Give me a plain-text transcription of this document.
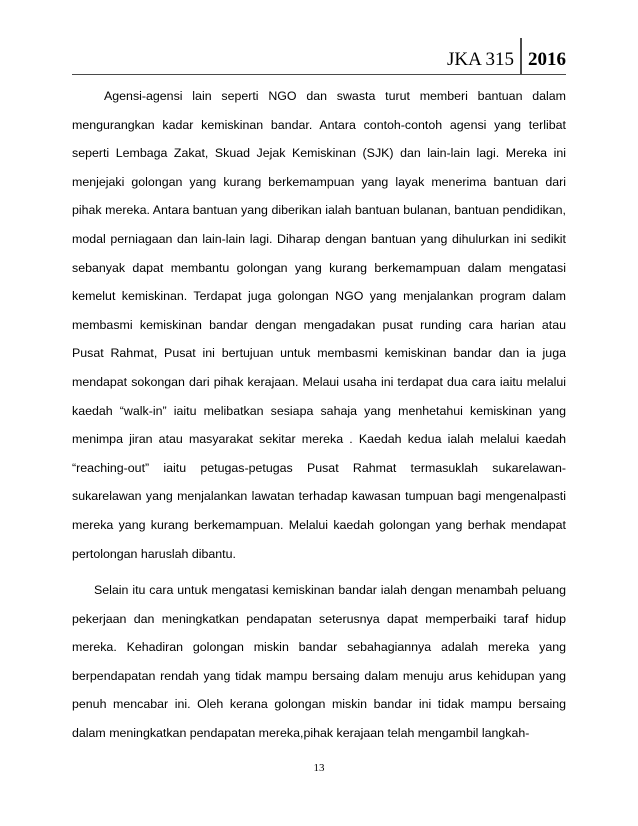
JKA 315 2016

Agensi-agensi lain seperti NGO dan swasta turut memberi bantuan dalam mengurangkan kadar kemiskinan bandar. Antara contoh-contoh agensi yang terlibat seperti Lembaga Zakat, Skuad Jejak Kemiskinan (SJK) dan lain-lain lagi. Mereka ini menjejaki golongan yang kurang berkemampuan yang layak menerima bantuan dari pihak mereka. Antara bantuan yang diberikan ialah bantuan bulanan, bantuan pendidikan, modal perniagaan dan lain-lain lagi. Diharap dengan bantuan yang dihulurkan ini sedikit sebanyak dapat membantu golongan yang kurang berkemampuan dalam mengatasi kemelut kemiskinan. Terdapat juga golongan NGO yang menjalankan program dalam membasmi kemiskinan bandar dengan mengadakan pusat runding cara harian atau Pusat Rahmat, Pusat ini bertujuan untuk membasmi kemiskinan bandar dan ia juga mendapat sokongan dari pihak kerajaan. Melaui usaha ini terdapat dua cara iaitu melalui kaedah “walk-in” iaitu melibatkan sesiapa sahaja yang menhetahui kemiskinan yang menimpa jiran atau masyarakat sekitar mereka . Kaedah kedua ialah melalui kaedah “reaching-out” iaitu petugas-petugas Pusat Rahmat termasuklah sukarelawan-sukarelawan yang menjalankan lawatan terhadap kawasan tumpuan bagi mengenalpasti mereka yang kurang berkemampuan. Melalui kaedah golongan yang berhak mendapat pertolongan haruslah dibantu.

Selain itu cara untuk mengatasi kemiskinan bandar ialah dengan menambah peluang pekerjaan dan meningkatkan pendapatan seterusnya dapat memperbaiki taraf hidup mereka. Kehadiran golongan miskin bandar sebahagiannya adalah mereka yang berpendapatan rendah yang tidak mampu bersaing dalam menuju arus kehidupan yang penuh mencabar ini. Oleh kerana golongan miskin bandar ini tidak mampu bersaing dalam meningkatkan pendapatan mereka,pihak kerajaan telah mengambil langkah-

13
